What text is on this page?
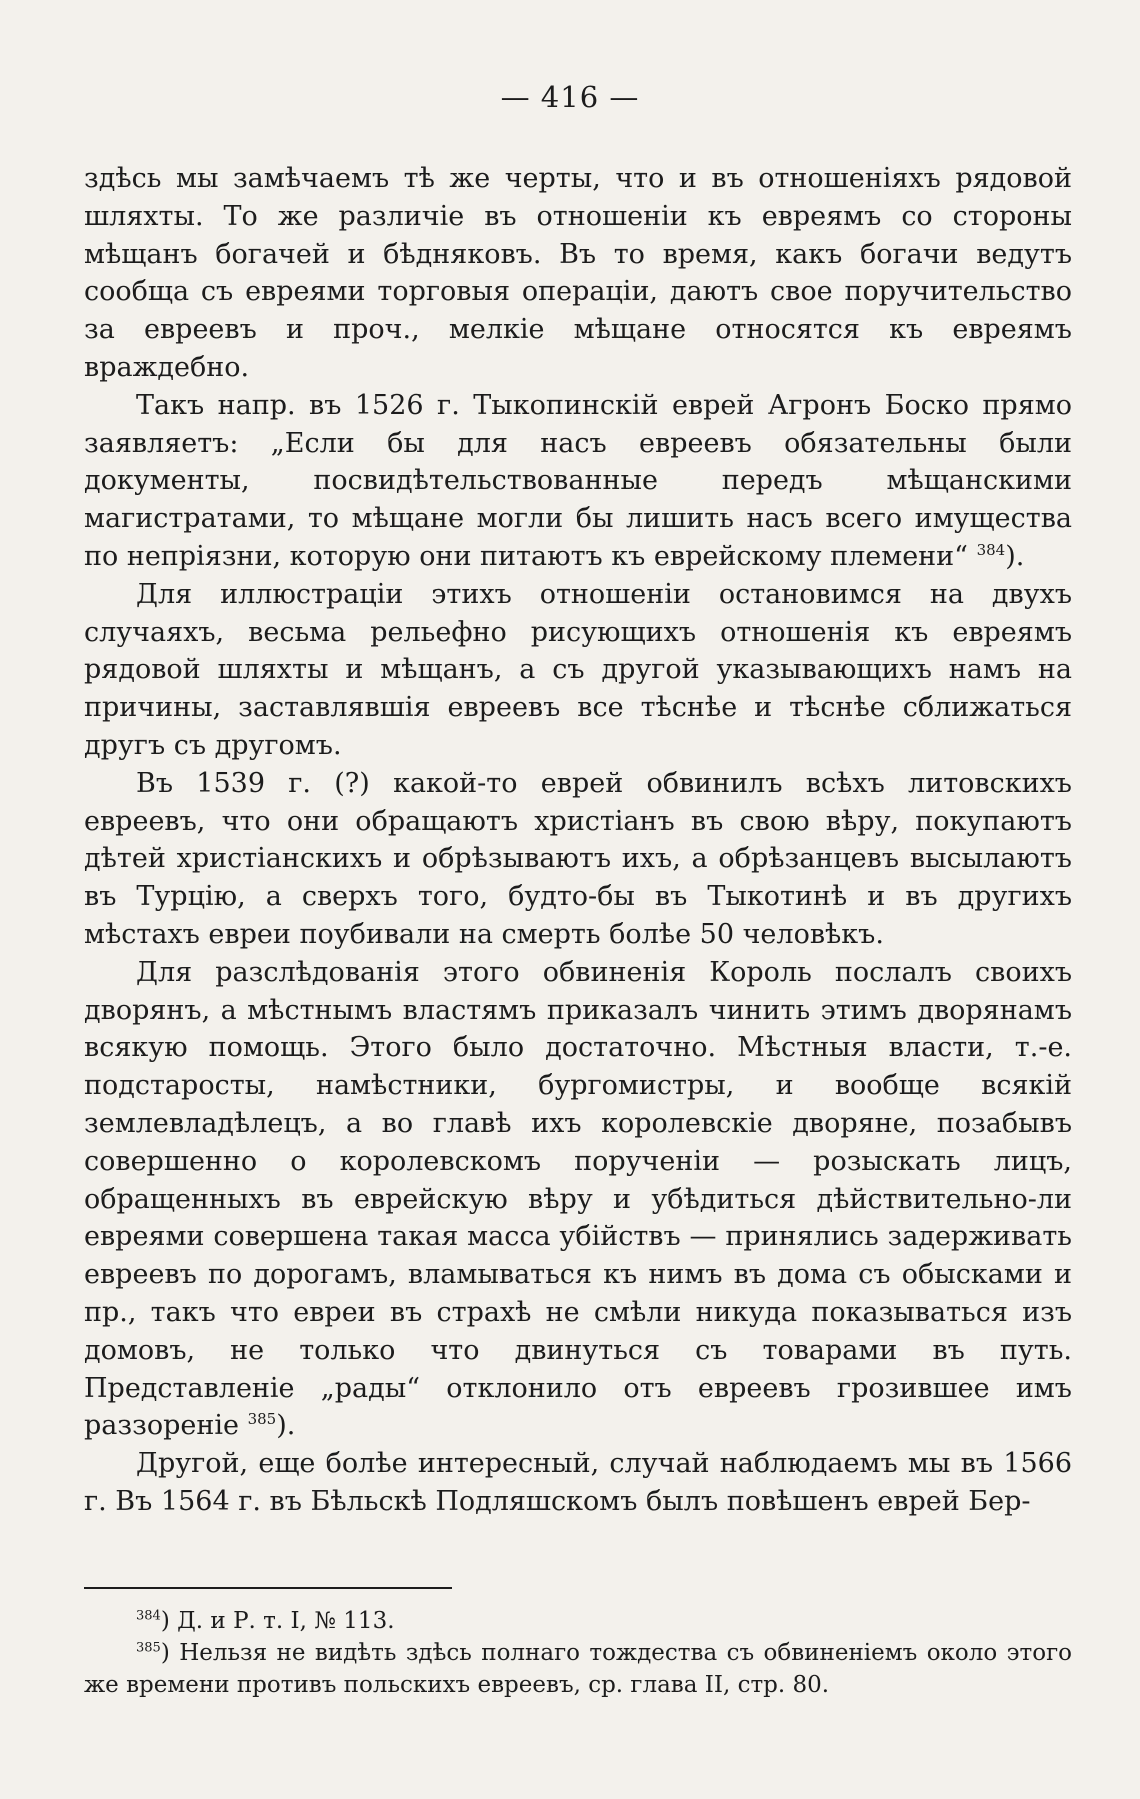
— 416 —

здѣсь мы замѣчаемъ тѣ же черты, что и въ отношеніяхъ рядовой шляхты. То же различіе въ отношеніи къ евреямъ со стороны мѣщанъ богачей и бѣдняковъ. Въ то время, какъ богачи ведутъ сообща съ евреями торговыя операціи, даютъ свое поручительство за евреевъ и проч., мелкіе мѣщане относятся къ евреямъ враждебно.

Такъ напр. въ 1526 г. Тыкопинскій еврей Агронъ Боско прямо заявляетъ: „Если бы для насъ евреевъ обязательны были документы, посвидѣтельствованные передъ мѣщанскими магистратами, то мѣщане могли бы лишить насъ всего имущества по непріязни, которую они питаютъ къ еврейскому племени“ $^{384}$).

Для иллюстраціи этихъ отношеніи остановимся на двухъ случаяхъ, весьма рельефно рисующихъ отношенія къ евреямъ рядовой шляхты и мѣщанъ, а съ другой указывающихъ намъ на причины, заставлявшія евреевъ все тѣснѣе и тѣснѣе сближаться другъ съ другомъ.

Въ 1539 г. (?) какой-то еврей обвинилъ всѣхъ литовскихъ евреевъ, что они обращаютъ христіанъ въ свою вѣру, покупаютъ дѣтей христіанскихъ и обрѣзываютъ ихъ, а обрѣзанцевъ высылаютъ въ Турцію, а сверхъ того, будто-бы въ Тыкотинѣ и въ другихъ мѣстахъ евреи поубивали на смерть болѣе 50 человѣкъ.

Для разслѣдованія этого обвиненія Король послалъ своихъ дворянъ, а мѣстнымъ властямъ приказалъ чинить этимъ дворянамъ всякую помощь. Этого было достаточно. Мѣстныя власти, т.-е. подстаросты, намѣстники, бургомистры, и вообще всякій землевладѣлецъ, а во главѣ ихъ королевскіе дворяне, позабывъ совершенно о королевскомъ порученіи — розыскать лицъ, обращенныхъ въ еврейскую вѣру и убѣдиться дѣйствительно-ли евреями совершена такая масса убійствъ — принялись задерживать евреевъ по дорогамъ, вламываться къ нимъ въ дома съ обысками и пр., такъ что евреи въ страхѣ не смѣли никуда показываться изъ домовъ, не только что двинуться съ товарами въ путь. Представленіе „рады“ отклонило отъ евреевъ грозившее имъ раззореніе $^{385}$).

Другой, еще болѣе интересный, случай наблюдаемъ мы въ 1566 г. Въ 1564 г. въ Бѣльскѣ Подляшскомъ былъ повѣшенъ еврей Бер-

$^{384}$) Д. и Р. т. I, № 113.

$^{385}$) Нельзя не видѣть здѣсь полнаго тождества съ обвиненіемъ около этого же времени противъ польскихъ евреевъ, ср. глава II, стр. 80.
